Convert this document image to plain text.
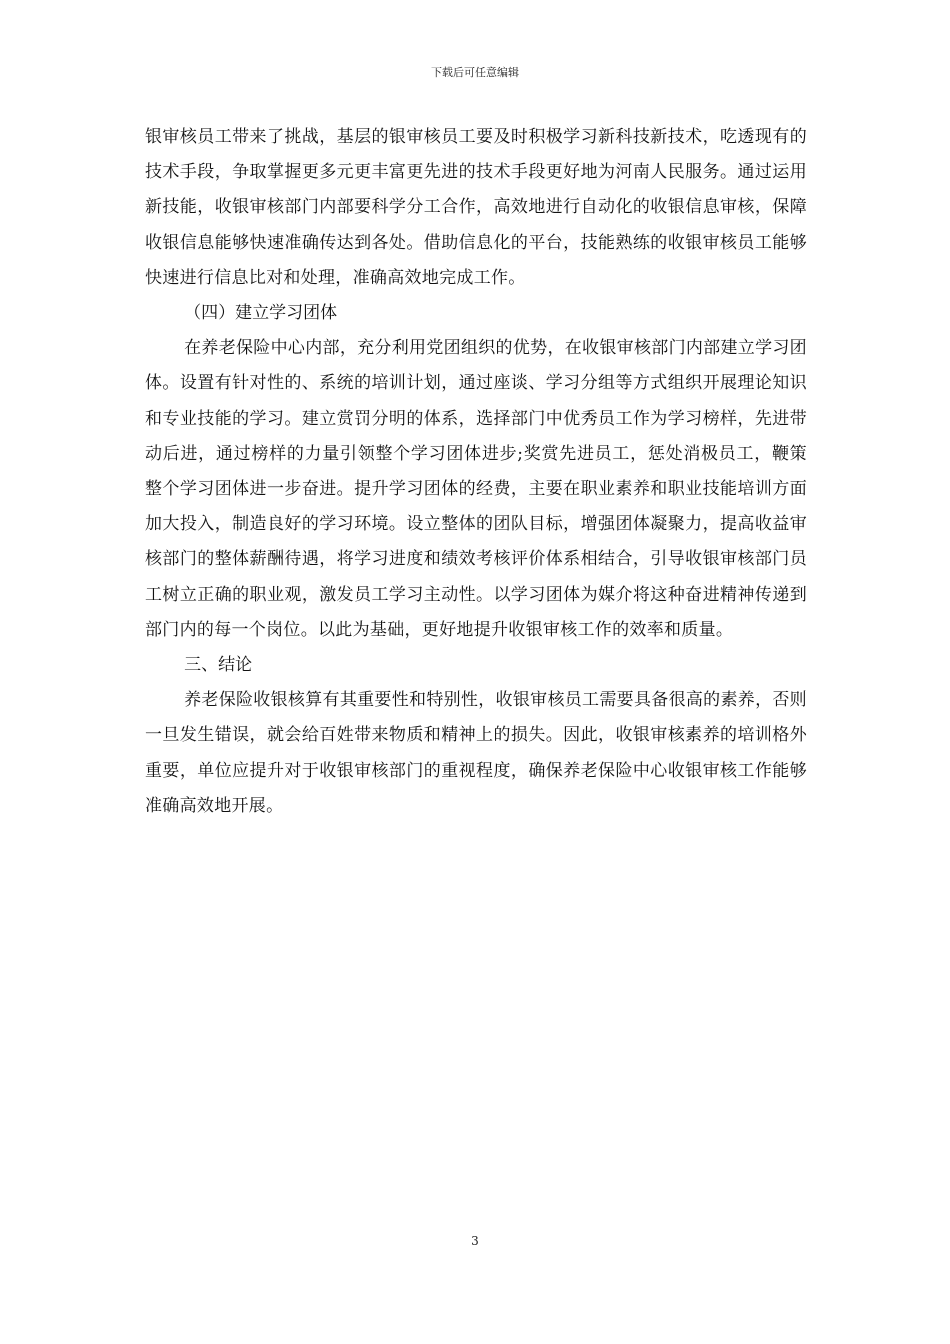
下载后可任意编辑

银审核员工带来了挑战，基层的银审核员工要及时积极学习新科技新技术，吃透现有的技术手段，争取掌握更多元更丰富更先进的技术手段更好地为河南人民服务。通过运用新技能，收银审核部门内部要科学分工合作，高效地进行自动化的收银信息审核，保障收银信息能够快速准确传达到各处。借助信息化的平台，技能熟练的收银审核员工能够快速进行信息比对和处理，准确高效地完成工作。

（四）建立学习团体

在养老保险中心内部，充分利用党团组织的优势，在收银审核部门内部建立学习团体。设置有针对性的、系统的培训计划，通过座谈、学习分组等方式组织开展理论知识和专业技能的学习。建立赏罚分明的体系，选择部门中优秀员工作为学习榜样，先进带动后进，通过榜样的力量引领整个学习团体进步;奖赏先进员工，惩处消极员工，鞭策整个学习团体进一步奋进。提升学习团体的经费，主要在职业素养和职业技能培训方面加大投入，制造良好的学习环境。设立整体的团队目标，增强团体凝聚力，提高收益审核部门的整体薪酬待遇，将学习进度和绩效考核评价体系相结合，引导收银审核部门员工树立正确的职业观，激发员工学习主动性。以学习团体为媒介将这种奋进精神传递到部门内的每一个岗位。以此为基础，更好地提升收银审核工作的效率和质量。

三、结论

养老保险收银核算有其重要性和特别性，收银审核员工需要具备很高的素养，否则一旦发生错误，就会给百姓带来物质和精神上的损失。因此，收银审核素养的培训格外重要，单位应提升对于收银审核部门的重视程度，确保养老保险中心收银审核工作能够准确高效地开展。

3
